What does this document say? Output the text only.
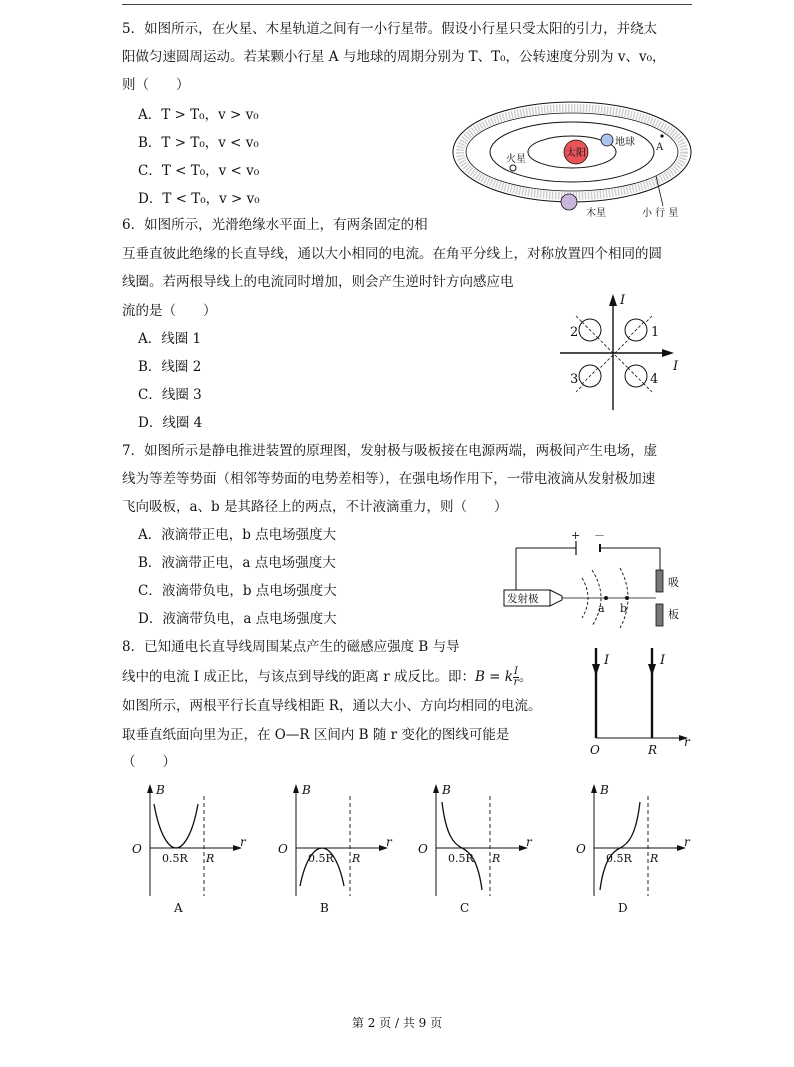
5．如图所示，在火星、木星轨道之间有一小行星带。假设小行星只受太阳的引力，并绕太
阳做匀速圆周运动。若某颗小行星 A 与地球的周期分别为 T、T₀，公转速度分别为 v、v₀，
则（　　）
A．T > T₀，v > v₀
B．T > T₀，v < v₀
C．T < T₀，v < v₀
D．T < T₀，v > v₀
太阳
地球
火星
木星
A
小 行 星
6．如图所示，光滑绝缘水平面上，有两条固定的相
互垂直彼此绝缘的长直导线，通以大小相同的电流。在角平分线上，对称放置四个相同的圆
线圈。若两根导线上的电流同时增加，则会产生逆时针方向感应电
流的是（　　）
A．线圈 1
B．线圈 2
C．线圈 3
D．线圈 4
I
I
1
2
3	4
7．如图所示是静电推进装置的原理图，发射极与吸板接在电源两端，两极间产生电场，虚
线为等差等势面（相邻等势面的电势差相等），在强电场作用下，一带电液滴从发射极加速
飞向吸板，a、b 是其路径上的两点，不计液滴重力，则（　　）
A．液滴带正电，b 点电场强度大
B．液滴带正电，a 点电场强度大
C．液滴带负电，b 点电场强度大
D．液滴带负电，a 点电场强度大
+ －
发射极
a b
吸
板
8．已知通电长直导线周围某点产生的磁感应强度 B 与导
线中的电流 I 成正比，与该点到导线的距离 r 成反比。即：B = k $\frac{I}{r}$ 。
如图所示，两根平行长直导线相距 R，通以大小、方向均相同的电流。
取垂直纸面向里为正，在 O—R 区间内 B 随 r 变化的图线可能是
（　　）
I	I
O	R
r
B
r
O
0.5R R
A
B
r
O
0.5R R
B
B
r
O
0.5R R
C
B
r
O
0.5R R
D
第 2 页 / 共 9 页
